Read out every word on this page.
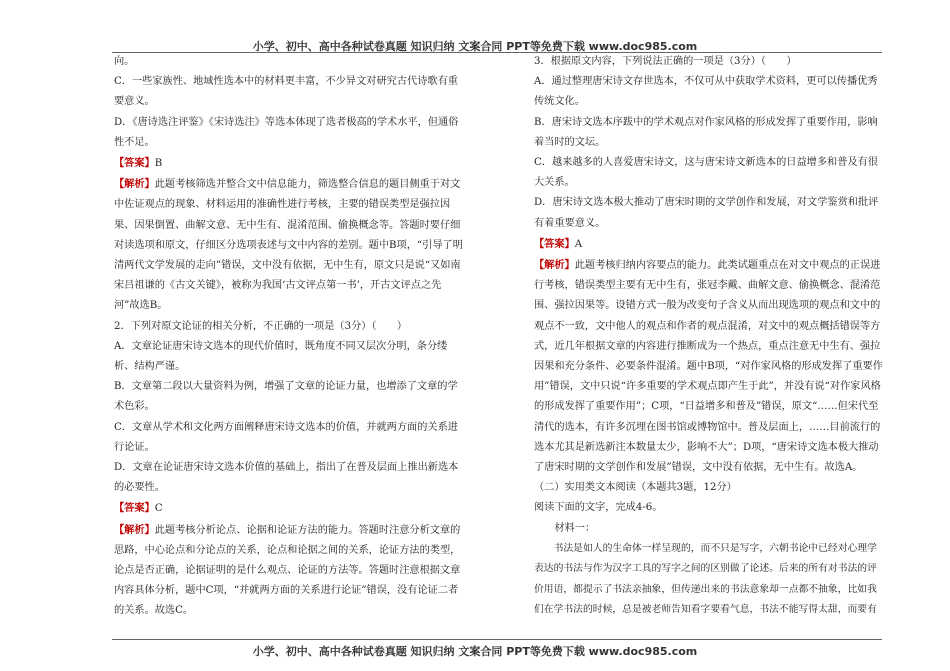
小学、初中、高中各种试卷真题 知识归纳 文案合同 PPT等免费下载 www.doc985.com

向。

C．一些家族性、地域性选本中的材料更丰富，不少异文对研究古代诗歌有重要意义。

D．《唐诗选注评鉴》《宋诗选注》等选本体现了选者极高的学术水平，但通俗性不足。

【答案】B

【解析】此题考核筛选并整合文中信息能力，筛选整合信息的题目侧重于对文中佐证观点的现象、材料运用的准确性进行考核，主要的错误类型是强拉因果、因果倒置、曲解文意、无中生有、混淆范围、偷换概念等。答题时要仔细对读选项和原文，仔细区分选项表述与文中内容的差别。题中B项，“引导了明清两代文学发展的走向”错误，文中没有依据，无中生有，原文只是说“又如南宋吕祖谦的《古文关键》，被称为我国‘古文评点第一书’，开古文评点之先河”故选B。

2．下列对原文论证的相关分析，不正确的一项是（3分）（　　）

A．文章论证唐宋诗文选本的现代价值时，既角度不同又层次分明，条分缕析、结构严谨。

B．文章第二段以大量资料为例，增强了文章的论证力量，也增添了文章的学术色彩。

C．文章从学术和文化两方面阐释唐宋诗文选本的价值，并就两方面的关系进行论证。

D．文章在论证唐宋诗文选本价值的基础上，指出了在普及层面上推出新选本的必要性。

【答案】C

【解析】此题考核分析论点、论据和论证方法的能力。答题时注意分析文章的思路，中心论点和分论点的关系，论点和论据之间的关系，论证方法的类型，论点是否正确，论据证明的是什么观点、论证的方法等。答题时注意根据文章内容具体分析，题中C项，“并就两方面的关系进行论证”错误，没有论证二者的关系。故选C。

3．根据原文内容，下列说法正确的一项是（3分）（　　）

A．通过整理唐宋诗文存世选本，不仅可从中获取学术资料，更可以传播优秀传统文化。

B．唐宋诗文选本序跋中的学术观点对作家风格的形成发挥了重要作用，影响着当时的文坛。

C．越来越多的人喜爱唐宋诗文，这与唐宋诗文新选本的日益增多和普及有很大关系。

D．唐宋诗文选本极大推动了唐宋时期的文学创作和发展，对文学鉴赏和批评有着重要意义。

【答案】A

【解析】此题考核归纳内容要点的能力。此类试题重点在对文中观点的正误进行考核，错误类型主要有无中生有，张冠李戴、曲解文意、偷换概念、混淆范围、强拉因果等。设错方式一般为改变句子含义从而出现选项的观点和文中的观点不一致，文中他人的观点和作者的观点混淆，对文中的观点概括错误等方式，近几年根据文章的内容进行推断成为一个热点，重点注意无中生有、强拉因果和充分条件、必要条件混淆。题中B项，“对作家风格的形成发挥了重要作用”错误，文中只说“许多重要的学术观点即产生于此”，并没有说“对作家风格的形成发挥了重要作用”；C项，“日益增多和普及”错误，原文“……但宋代至清代的选本，有许多沉埋在图书馆或博物馆中。普及层面上，……目前流行的选本尤其是新选新注本数量太少，影响不大”；D项，“唐宋诗文选本极大推动了唐宋时期的文学创作和发展”错误，文中没有依据，无中生有。故选A。

（二）实用类文本阅读（本题共3题，12分）

阅读下面的文字，完成4-6。

材料一：

书法是如人的生命体一样呈现的，而不只是写字，六朝书论中已经对心理学表达的书法与作为汉字工具的写字之间的区别做了论述。后来的所有对书法的评价用语，都提示了书法亲抽象，但传递出来的书法意象却一点都不抽象，比如我们在学书法的时候，总是被老师告知看字要看气息，书法不能写得太甜，而要有

小学、初中、高中各种试卷真题 知识归纳 文案合同 PPT等免费下载 www.doc985.com
